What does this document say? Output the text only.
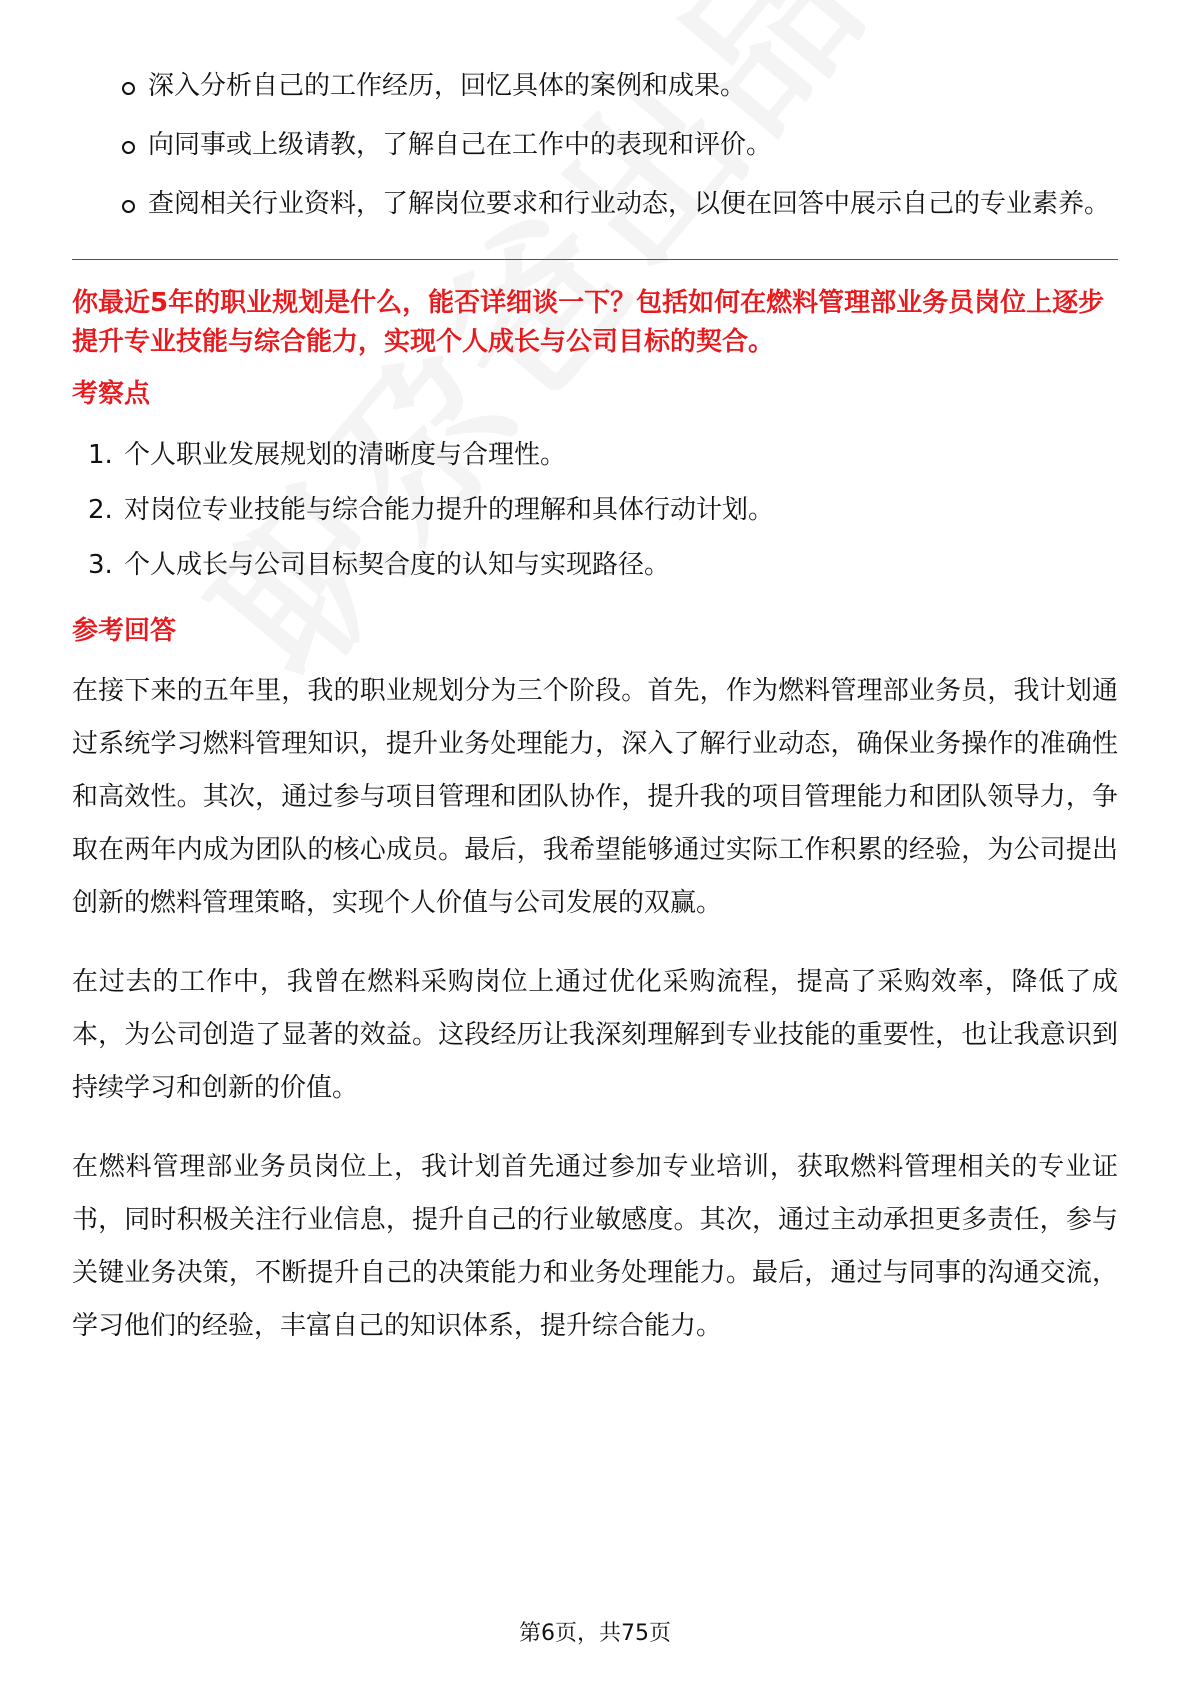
深入分析自己的工作经历，回忆具体的案例和成果。
向同事或上级请教，了解自己在工作中的表现和评价。
查阅相关行业资料，了解岗位要求和行业动态，以便在回答中展示自己的专业素养。

你最近5年的职业规划是什么，能否详细谈一下？包括如何在燃料管理部业务员岗位上逐步提升专业技能与综合能力，实现个人成长与公司目标的契合。

考察点
1. 个人职业发展规划的清晰度与合理性。
2. 对岗位专业技能与综合能力提升的理解和具体行动计划。
3. 个人成长与公司目标契合度的认知与实现路径。
参考回答

在接下来的五年里，我的职业规划分为三个阶段。首先，作为燃料管理部业务员，我计划通过系统学习燃料管理知识，提升业务处理能力，深入了解行业动态，确保业务操作的准确性和高效性。其次，通过参与项目管理和团队协作，提升我的项目管理能力和团队领导力，争取在两年内成为团队的核心成员。最后，我希望能够通过实际工作积累的经验，为公司提出创新的燃料管理策略，实现个人价值与公司发展的双赢。

在过去的工作中，我曾在燃料采购岗位上通过优化采购流程，提高了采购效率，降低了成本，为公司创造了显著的效益。这段经历让我深刻理解到专业技能的重要性，也让我意识到持续学习和创新的价值。

在燃料管理部业务员岗位上，我计划首先通过参加专业培训，获取燃料管理相关的专业证书，同时积极关注行业信息，提升自己的行业敏感度。其次，通过主动承担更多责任，参与关键业务决策，不断提升自己的决策能力和业务处理能力。最后，通过与同事的沟通交流，学习他们的经验，丰富自己的知识体系，提升综合能力。

第6页，共75页
